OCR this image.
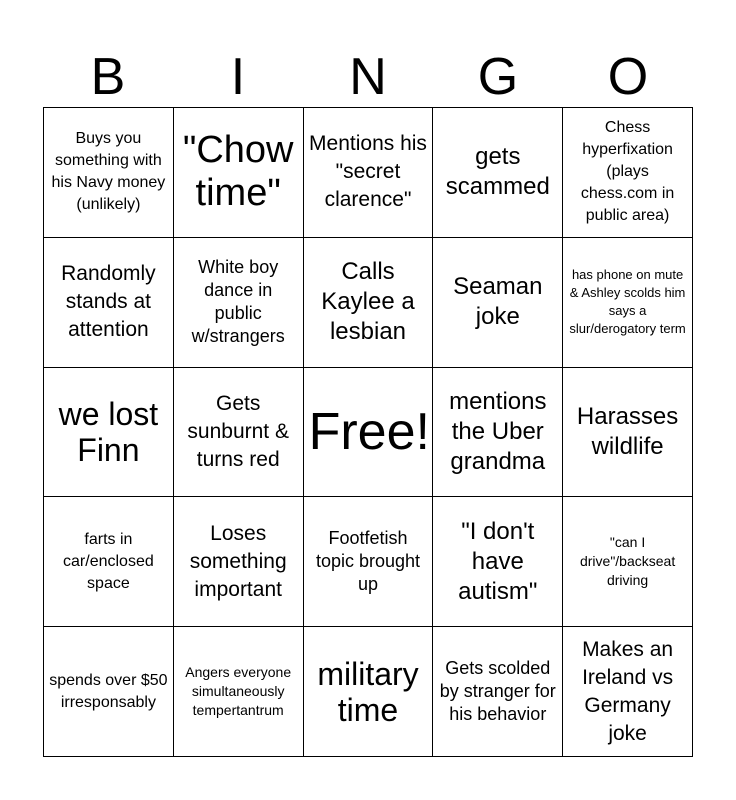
B	I	N	G	O
Buys you something with his Navy money (unlikely)	"Chow time"	Mentions his "secret clarence"	gets scammed	Chess hyperfixation (plays chess.com in public area)
Randomly stands at attention	White boy dance in public w/strangers	Calls Kaylee a lesbian	Seaman joke	has phone on mute & Ashley scolds him says a slur/derogatory term
we lost Finn	Gets sunburnt & turns red	Free!	mentions the Uber grandma	Harasses wildlife
farts in car/enclosed space	Loses something important	Footfetish topic brought up	"I don't have autism"	"can I drive"/backseat driving
spends over $50 irresponsably	Angers everyone simultaneously tempertantrum	military time	Gets scolded by stranger for his behavior	Makes an Ireland vs Germany joke
